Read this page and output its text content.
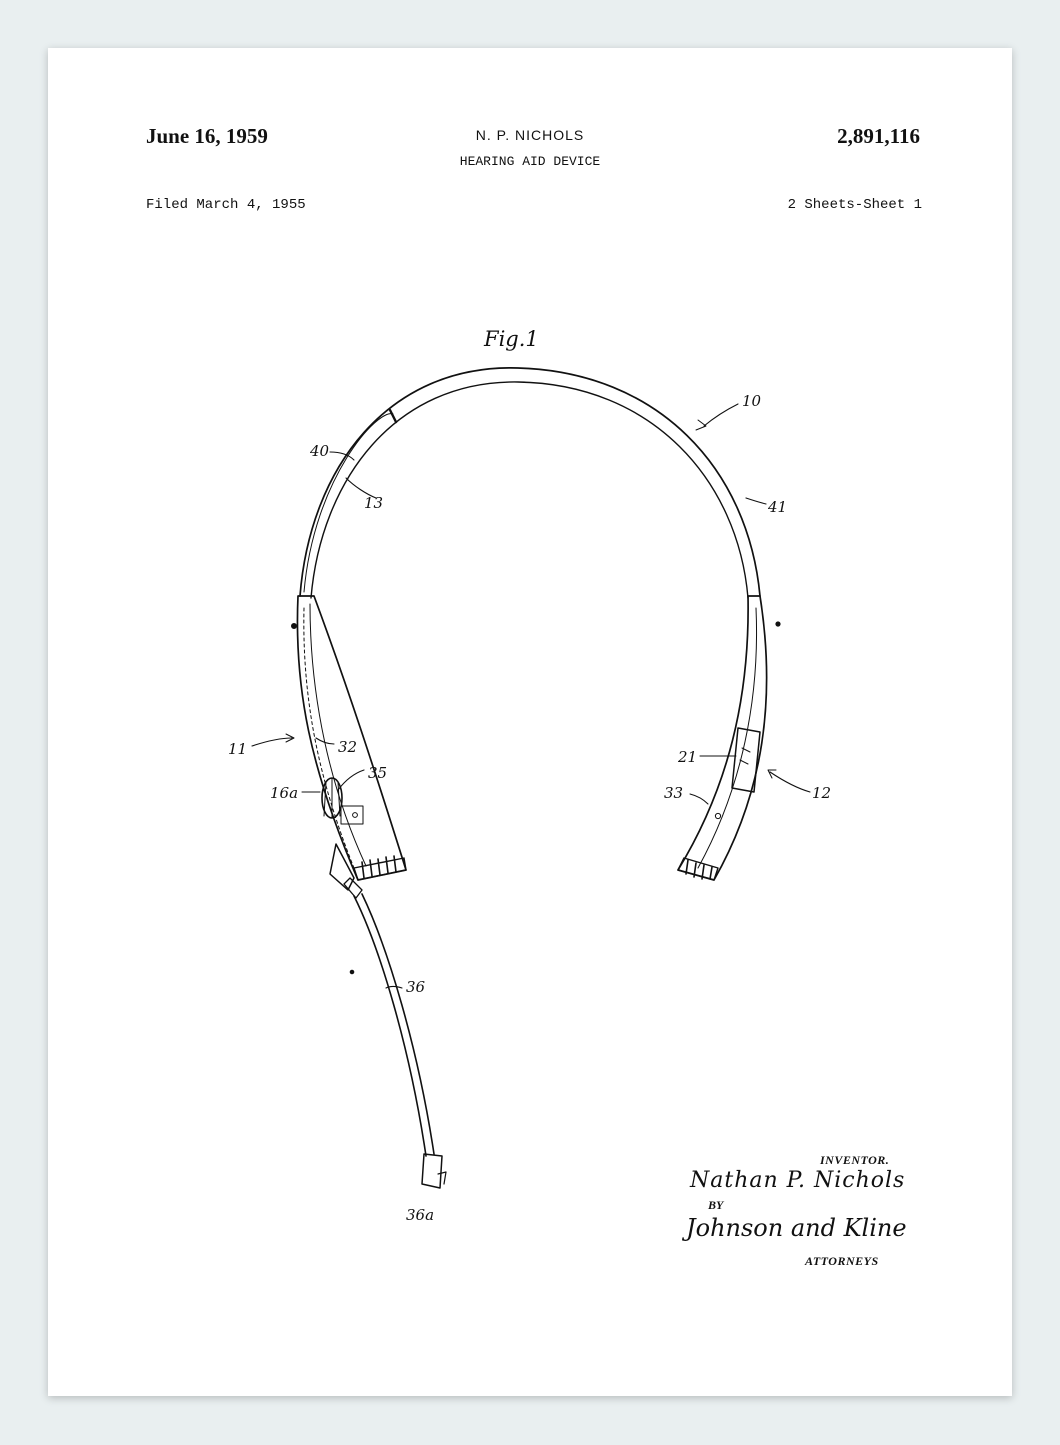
June 16, 1959	N. P. NICHOLS
HEARING AID DEVICE
2,891,116
Filed March 4, 1955	2 Sheets-Sheet 1
Fig.1
10
40
13	41
11	32
35
16a
21
33	12
36
36a
INVENTOR.
Nathan P. Nichols
BY
Johnson and Kline
ATTORNEYS
